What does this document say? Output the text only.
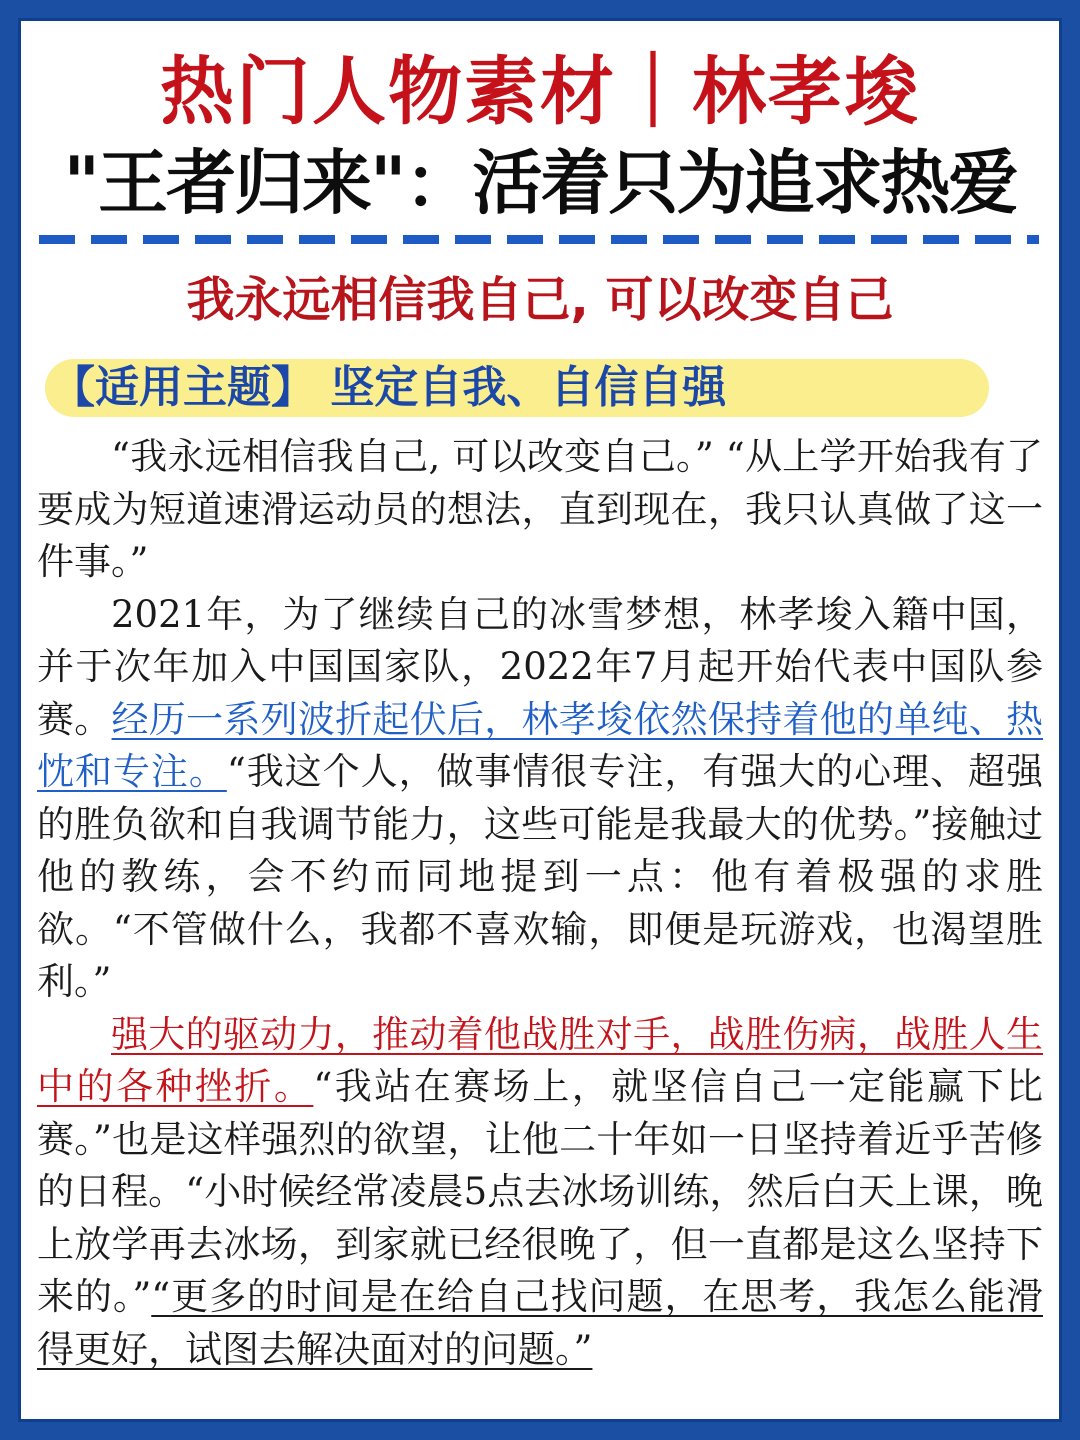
热门人物素材｜林孝埈
"王者归来"：活着只为追求热爱
我永远相信我自己, 可以改变自己
【适用主题】 坚定自我、自信自强

“我永远相信我自己, 可以改变自己。” “从上学开始我有了要成为短道速滑运动员的想法，直到现在，我只认真做了这一件事。”

2021年，为了继续自己的冰雪梦想，林孝埈入籍中国，并于次年加入中国国家队，2022年7月起开始代表中国队参赛。经历一系列波折起伏后，林孝埈依然保持着他的单纯、热忱和专注。“我这个人，做事情很专注，有强大的心理、超强的胜负欲和自我调节能力，这些可能是我最大的优势。”接触过他的教练，会不约而同地提到一点：他有着极强的求胜欲。“不管做什么，我都不喜欢输，即便是玩游戏，也渴望胜利。”

强大的驱动力，推动着他战胜对手，战胜伤病，战胜人生中的各种挫折。“我站在赛场上，就坚信自己一定能赢下比赛。”也是这样强烈的欲望，让他二十年如一日坚持着近乎苦修的日程。“小时候经常凌晨5点去冰场训练，然后白天上课，晚上放学再去冰场，到家就已经很晚了，但一直都是这么坚持下来的。”“更多的时间是在给自己找问题，在思考，我怎么能滑得更好，试图去解决面对的问题。”
